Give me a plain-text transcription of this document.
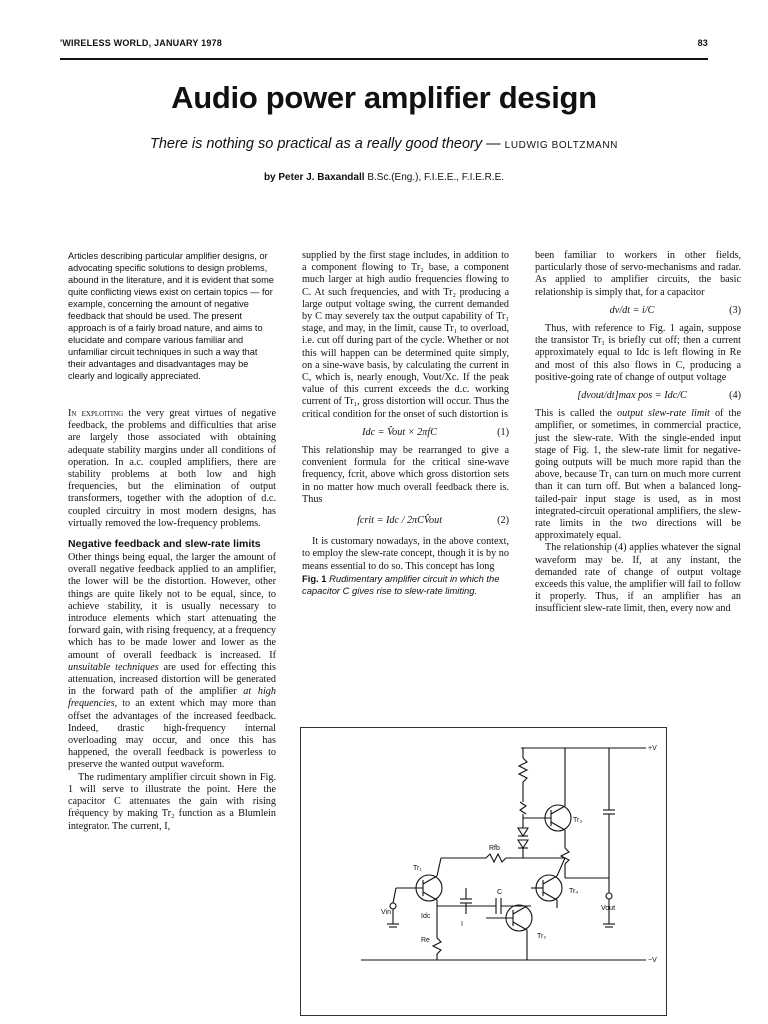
'WIRELESS WORLD, JANUARY 1978	83
Audio power amplifier design
There is nothing so practical as a really good theory — LUDWIG BOLTZMANN
by Peter J. Baxandall B.Sc.(Eng.), F.I.E.E., F.I.E.R.E.

Articles describing particular amplifier designs, or advocating specific solutions to design problems, abound in the literature, and it is evident that some quite conflicting views exist on certain topics — for example, concerning the amount of negative feedback that should be used. The present approach is of a fairly broad nature, and aims to elucidate and compare various familiar and unfamiliar circuit techniques in such a way that their advantages and disadvantages may be clearly and logically appreciated.

In exploiting the very great virtues of negative feedback, the problems and difficulties that arise are largely those associated with obtaining adequate stability margins under all conditions of operation. In a.c. coupled amplifiers, there are stability problems at both low and high frequencies, but the elimination of output transformers, together with the adoption of d.c. coupled circuitry in most modern designs, has virtually removed the low-frequency problems.

Negative feedback and slew-rate limits

Other things being equal, the larger the amount of overall negative feedback applied to an amplifier, the lower will be the distortion. However, other things are quite likely not to be equal, since, to achieve stability, it is usually necessary to introduce elements which start attenuating the forward gain, with rising frequency, at a frequency which has to be made lower and lower as the amount of overall feedback is increased. If unsuitable techniques are used for effecting this attenuation, increased distortion will be generated in the forward path of the amplifier at high frequencies, to an extent which may more than offset the advantages of the increased feedback. Indeed, drastic high-frequency internal overloading may occur, and once this has happened, the overall feedback is powerless to preserve the wanted output waveform.

The rudimentary amplifier circuit shown in Fig. 1 will serve to illustrate the point. Here the capacitor C attenuates the gain with rising fréquency by making Tr₂ function as a Blumlein integrator. The current, I,

supplied by the first stage includes, in addition to a component flowing to Tr₂ base, a component much larger at high audio frequencies flowing to C. At such frequencies, and with Tr₂ producing a large output voltage swing, the current demanded by C may severely tax the output capability of Tr₁ stage, and may, in the limit, cause Tr₁ to overload, i.e. cut off during part of the cycle. Whether or not this will happen can be determined quite simply, on a sine-wave basis, by calculating the current in C, which is, nearly enough, Vout/Xc. If the peak value of this current exceeds the d.c. working current of Tr₁, gross distortion will occur. Thus the critical condition for the onset of such distortion is

Idc = V̂out × 2πfC	(1)

This relationship may be rearranged to give a convenient formula for the critical sine-wave frequency, fcrit, above which gross distortion sets in no matter how much overall feedback there is. Thus

fcrit = Idc / 2πCV̂out	(2)

It is customary nowadays, in the above context, to employ the slew-rate concept, though it is by no means essential to do so. This concept has long

Fig. 1 Rudimentary amplifier circuit in which the capacitor C gives rise to slew-rate limiting.

been familiar to workers in other fields, particularly those of servo-mechanisms and radar. As applied to amplifier circuits, the basic relationship is simply that, for a capacitor

dv/dt = i/C	(3)

Thus, with reference to Fig. 1 again, suppose the transistor Tr₁ is briefly cut off; then a current approximately equal to Idc is left flowing in Re and most of this also flows in C, producing a positive-going rate of change of output voltage

[dvout/dt]max pos = Idc/C	(4)

This is called the output slew-rate limit of the amplifier, or sometimes, in commercial practice, just the slew-rate. With the single-ended input stage of Fig. 1, the slew-rate limit for negative-going outputs will be much more rapid than the above, because Tr₁ can turn on much more current than it can turn off. But when a balanced long-tailed-pair input stage is used, as in most integrated-circuit operational amplifiers, the slew-rate limits in the two directions will be approximately equal.

The relationship (4) applies whatever the signal waveform may be. If, at any instant, the demanded rate of change of output voltage exceeds this value, the amplifier will fail to follow it properly. Thus, if an amplifier has an insufficient slew-rate limit, then, every now and

+V
−V
Tr₁
Tr₂
Tr₃
Tr₄
Rfb
C
I
Idc
Re
Vin
Vout
